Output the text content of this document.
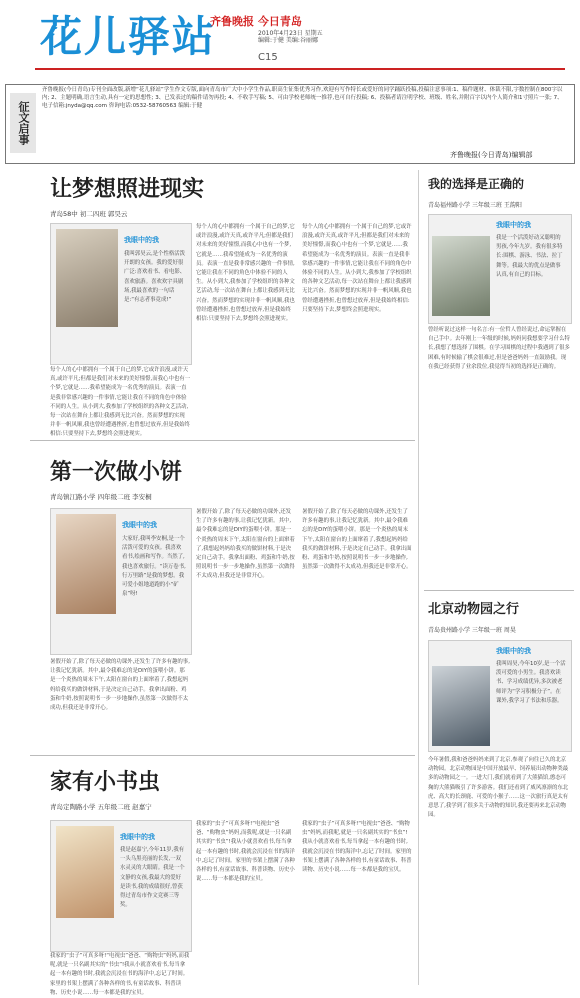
花儿驿站
齐鲁晚报 今日青岛
2010年4月23日 星期五
编辑:于健 美编:谷丽娜
C15
征文启事
齐鲁晚报(今日青岛)专刊全面改版,新增“花儿驿站”学生作文专版,面向青岛市广大中小学生作品,职高生征集优秀习作,欢迎有写作特长或爱好的同学踊跃投稿,投稿注意事项:1、稿件题材、体裁不限,字数控制在800字以内; 2、主题明确,语言生动,具有一定的思想性; 3、已发表过的稿件请勿再投; 4、不收手写稿; 5、可由学校老师统一推荐,也可自行投稿; 6、投稿者请注明学校、班级、姓名,并附百字以内个人简介和1寸照片一张; 7、电子信箱:jnyda@qq.com 咨询电话:0532-58760563 编辑:于健
齐鲁晚报(今日青岛)编辑部
让梦想照进现实
青岛58中 初二四班 郭昊云
我眼中的我
我叫郭昊云,是个性格活泼开朗的女孩。我的爱好很广泛:喜欢看书、看电影、喜欢旅游。喜欢欢宇具剧场,我最喜欢的一句话是:“有志者事竟成!”
每个人的心中都拥有一个属于自己的梦,它或许浪漫,或许天真,或许平凡;但都是我们对未来的美好憧憬,而我心中也有一个梦,它就是……我希望能成为一名优秀的演员。表演一直是我非常感兴趣的一件事情,它能让我在不同的角色中体验不同的人生。从小到大,我参加了学校组织的各种文艺活动,每一次站在舞台上都让我感到无比兴奋。然而梦想的实现并非一帆风顺,我也曾经遭遇挫折,也曾想过放弃,但是我始终相信:只要坚持下去,梦想终会照进现实。
每个人的心中都拥有一个属于自己的梦,它或许浪漫,或许天真,或许平凡;但都是我们对未来的美好憧憬,而我心中也有一个梦,它就是……我希望能成为一名优秀的演员。表演一直是我非常感兴趣的一件事情,它能让我在不同的角色中体验不同的人生。从小到大,我参加了学校组织的各种文艺活动,每一次站在舞台上都让我感到无比兴奋。然而梦想的实现并非一帆风顺,我也曾经遭遇挫折,也曾想过放弃,但是我始终相信:只要坚持下去,梦想终会照进现实。
每个人的心中都拥有一个属于自己的梦,它或许浪漫,或许天真,或许平凡;但都是我们对未来的美好憧憬,而我心中也有一个梦,它就是……我希望能成为一名优秀的演员。表演一直是我非常感兴趣的一件事情,它能让我在不同的角色中体验不同的人生。从小到大,我参加了学校组织的各种文艺活动,每一次站在舞台上都让我感到无比兴奋。然而梦想的实现并非一帆风顺,我也曾经遭遇挫折,也曾想过放弃,但是我始终相信:只要坚持下去,梦想终会照进现实。
第一次做小饼
青岛镇江路小学 四年级二班 李安桐
我眼中的我
大家好,我叫李安桐,是一个活泼可爱的女孩。我喜欢看书,绘画和写作。当然了,我也喜欢旅行。“读万卷书,行万里路”是我的梦想。我可爱小姐地道跑的小“矿泉”呀!
暑假开始了,除了每天必做的功课外,还发生了许多有趣的事,让我记忆犹新。其中,最令我难忘的是DIY的蛋喂小饼。那是一个炎热的周末下午,太阳在窗台的上面窜着了,我想起妈妈给我买的做饼材料,于是决定自己动手。我拿出面粉、鸡蛋和牛奶,按照说明书一步一步地操作,虽然第一次做得不太成功,但我还是非常开心。
暑假开始了,除了每天必做的功课外,还发生了许多有趣的事,让我记忆犹新。其中,最令我难忘的是DIY的蛋喂小饼。那是一个炎热的周末下午,太阳在窗台的上面窜着了,我想起妈妈给我买的做饼材料,于是决定自己动手。我拿出面粉、鸡蛋和牛奶,按照说明书一步一步地操作,虽然第一次做得不太成功,但我还是非常开心。
暑假开始了,除了每天必做的功课外,还发生了许多有趣的事,让我记忆犹新。其中,最令我难忘的是DIY的蛋喂小饼。那是一个炎热的周末下午,太阳在窗台的上面窜着了,我想起妈妈给我买的做饼材料,于是决定自己动手。我拿出面粉、鸡蛋和牛奶,按照说明书一步一步地操作,虽然第一次做得不太成功,但我还是非常开心。
家有小书虫
青岛定陶路小学 五年级二班 赵嘉宁
我眼中的我
我是赵嘉宁,今年11岁,我有一头乌黑亮丽的长发,一双水灵灵的大眼睛。我是一个文静的女孩,我最大的爱好是读书,我的成绩很好,曾获得过青岛市作文竞赛三等奖。
我家的“虫子”可真多呀!“电视虫”爸爸、“购物虫”妈妈,而我呢,就是一只名副其实的“书虫”!我从小就喜欢看书,每当拿起一本有趣的书时,我就会沉浸在书的海洋中,忘记了时间。家里的书架上摆满了各种各样的书,有童话故事、科普读物、历史小说……每一本都是我的宝贝。
我家的“虫子”可真多呀!“电视虫”爸爸、“购物虫”妈妈,而我呢,就是一只名副其实的“书虫”!我从小就喜欢看书,每当拿起一本有趣的书时,我就会沉浸在书的海洋中,忘记了时间。家里的书架上摆满了各种各样的书,有童话故事、科普读物、历史小说……每一本都是我的宝贝。
我家的“虫子”可真多呀!“电视虫”爸爸、“购物虫”妈妈,而我呢,就是一只名副其实的“书虫”!我从小就喜欢看书,每当拿起一本有趣的书时,我就会沉浸在书的海洋中,忘记了时间。家里的书架上摆满了各种各样的书,有童话故事、科普读物、历史小说……每一本都是我的宝贝。
我的选择是正确的
青岛福州路小学 三年级三班 王韵阳
我眼中的我
我是一个活泼好动又聪明的男孩,今年九岁。我有很多特长:围棋、游泳、书法、拉丁舞等。我最大的优点是做事认真,有自己的目标。
曾经听说过这样一句名言:有一位哲人曾经说过,命运掌握在自己手中。去年刚上一年级的时候,妈妈问我想要学习什么特长,我想了想选择了围棋。在学习围棋的过程中我遇到了很多困难,有时候输了棋会很难过,但是爸爸妈妈一直鼓励我。现在我已经获得了业余段位,我觉得当初的选择是正确的。
北京动物园之行
青岛贵州路小学 三年级一班 周昊
我眼中的我
我叫周昊,今年10岁,是一个活泼可爱的小男生。我喜欢读书、学习成绩优异,多次被老师评为“学习积极分子”。在课外,我学习了书法和乐器。
今年暑假,我和爸爸妈妈来到了北京,参观了向往已久的北京动物园。北京动物园是中国开放最早、饲养展出动物种类最多的动物园之一。一进大门,我们就看到了大熊猫馆,憨态可掬的大熊猫吸引了许多游客。我们还看到了威风凛凛的东北虎、高大的长颈鹿、可爱的小猴子……这一次旅行真是太有意思了,我学到了很多关于动物的知识,我还要再来北京动物园。
